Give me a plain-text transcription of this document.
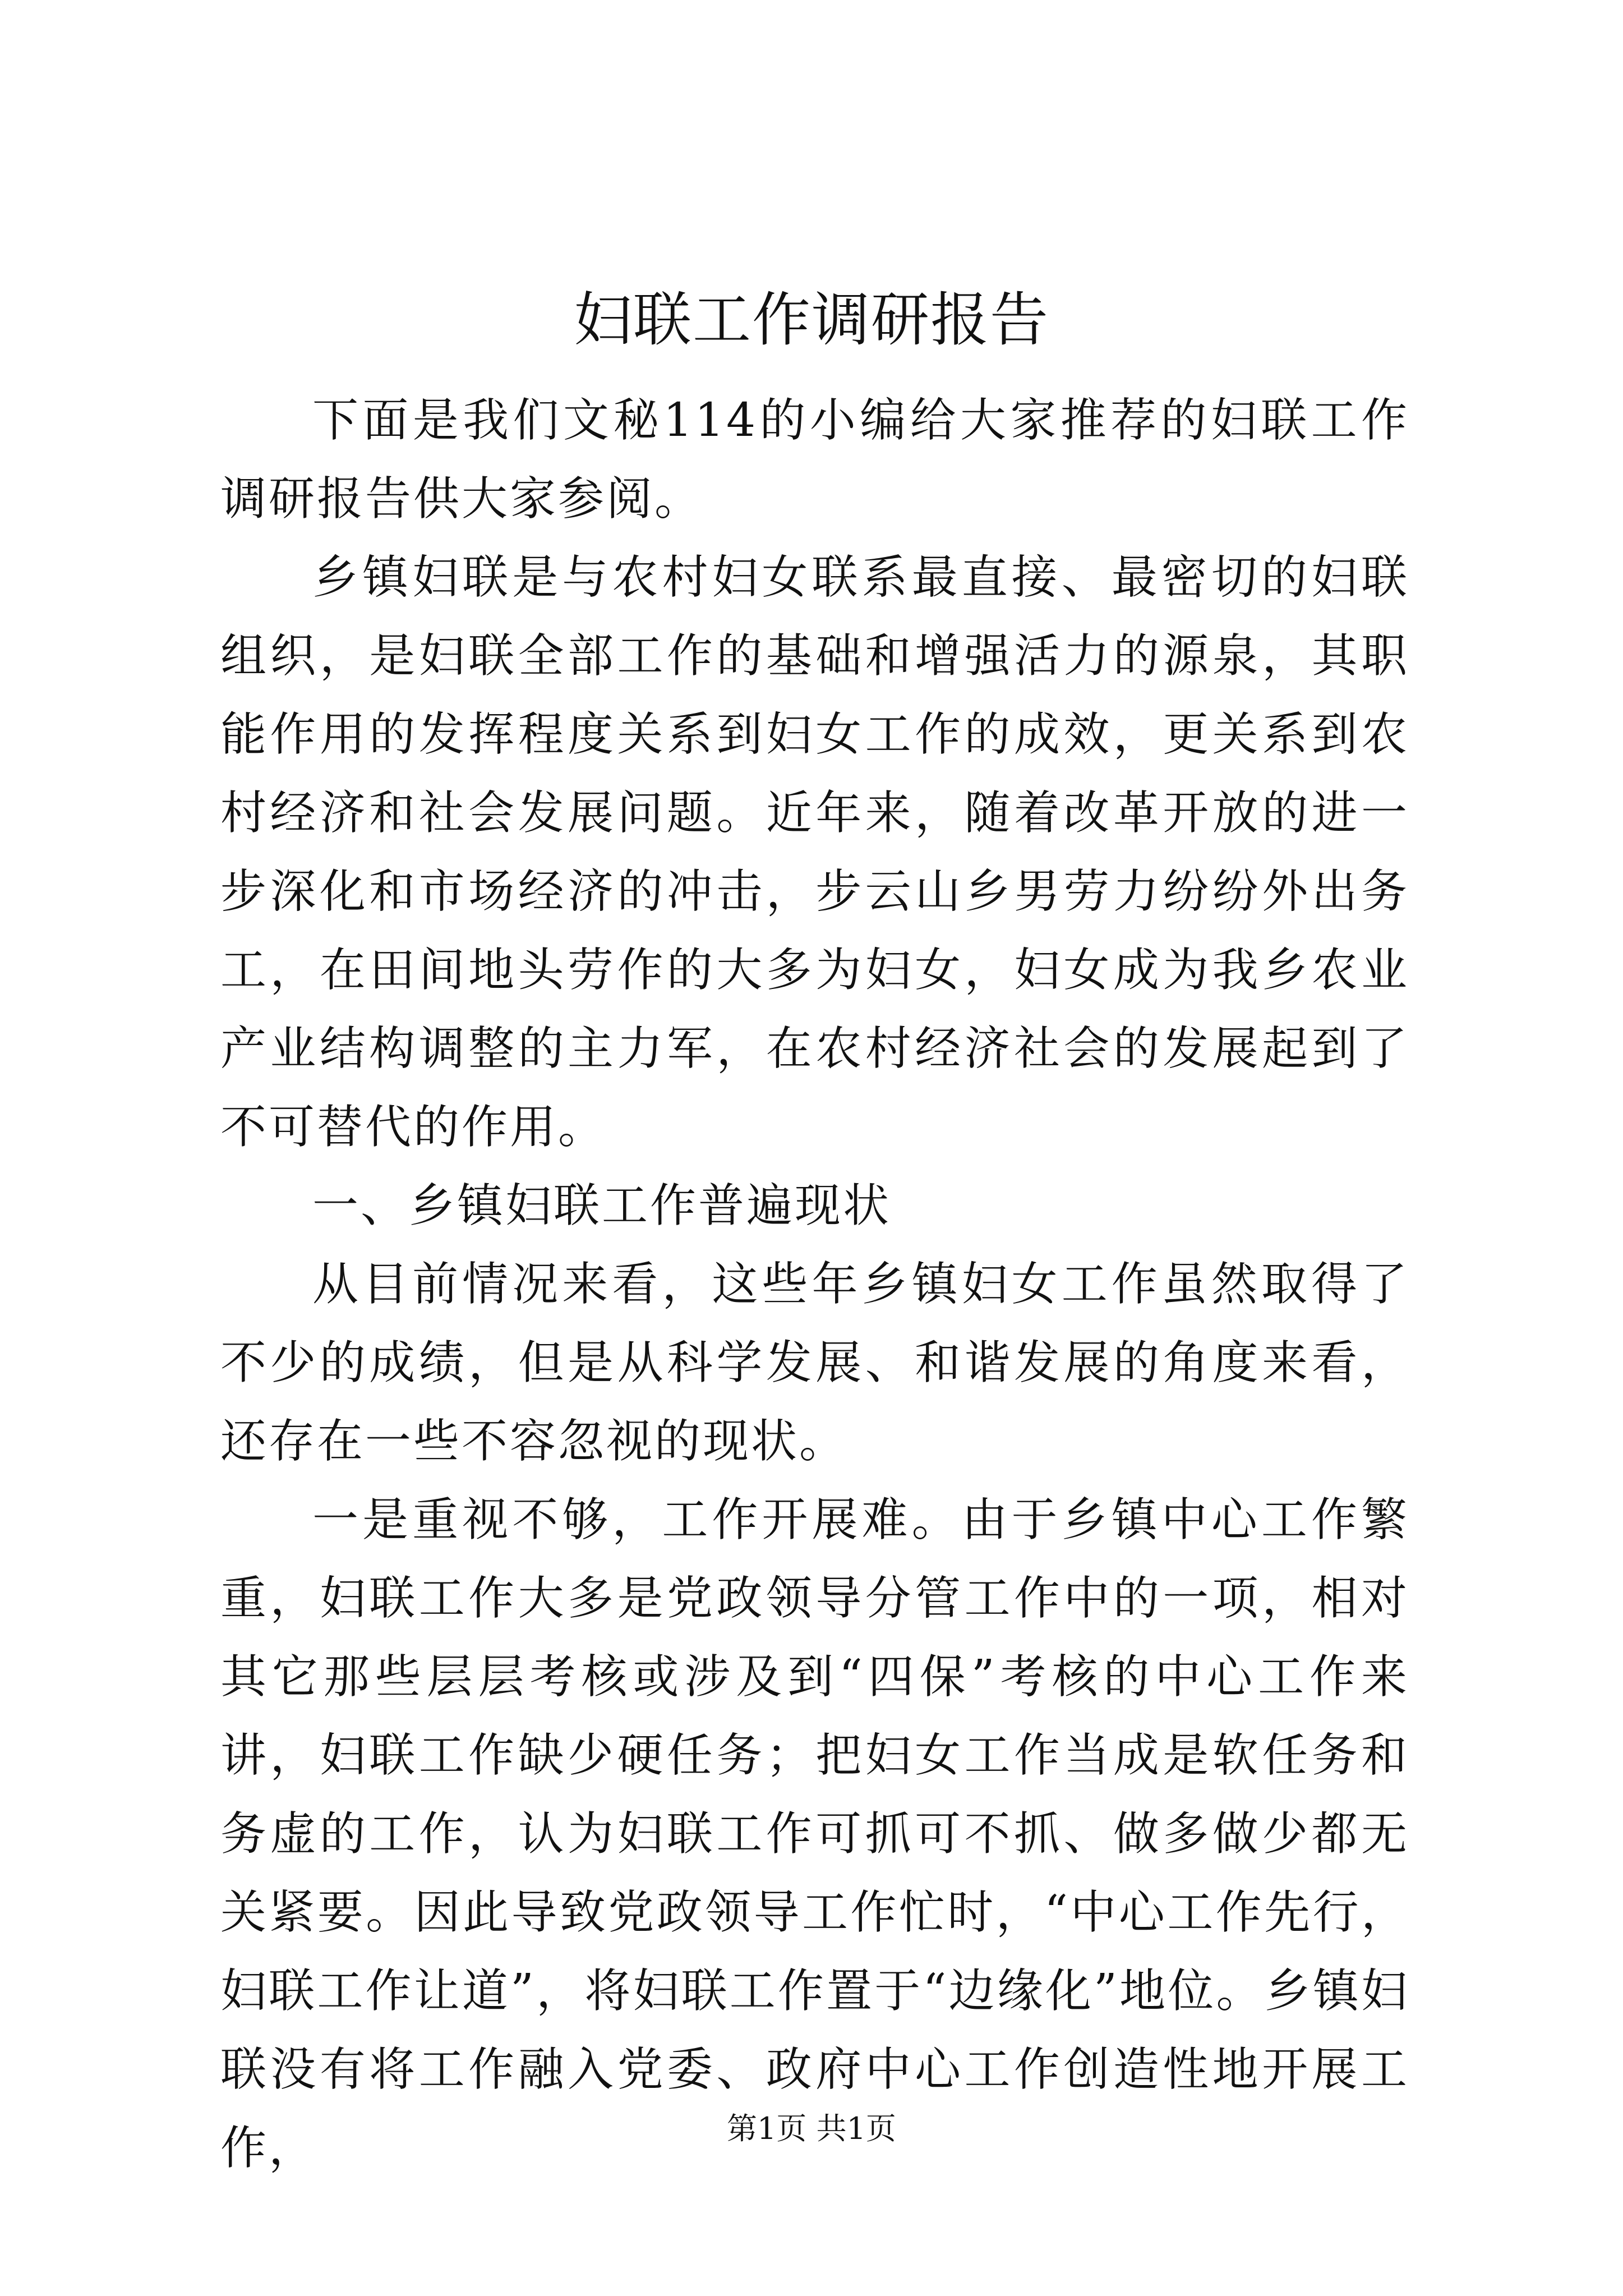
妇联工作调研报告

下面是我们文秘114的小编给大家推荐的妇联工作调研报告供大家参阅。

乡镇妇联是与农村妇女联系最直接、最密切的妇联组织，是妇联全部工作的基础和增强活力的源泉，其职能作用的发挥程度关系到妇女工作的成效，更关系到农村经济和社会发展问题。近年来，随着改革开放的进一步深化和市场经济的冲击，步云山乡男劳力纷纷外出务工，在田间地头劳作的大多为妇女，妇女成为我乡农业产业结构调整的主力军，在农村经济社会的发展起到了不可替代的作用。

一、乡镇妇联工作普遍现状

从目前情况来看，这些年乡镇妇女工作虽然取得了不少的成绩，但是从科学发展、和谐发展的角度来看，还存在一些不容忽视的现状。

一是重视不够，工作开展难。由于乡镇中心工作繁重，妇联工作大多是党政领导分管工作中的一项，相对其它那些层层考核或涉及到“四保”考核的中心工作来讲，妇联工作缺少硬任务；把妇女工作当成是软任务和务虚的工作，认为妇联工作可抓可不抓、做多做少都无关紧要。因此导致党政领导工作忙时，“中心工作先行，妇联工作让道”，将妇联工作置于“边缘化”地位。乡镇妇联没有将工作融入党委、政府中心工作创造性地开展工作，	第1页 共1页
